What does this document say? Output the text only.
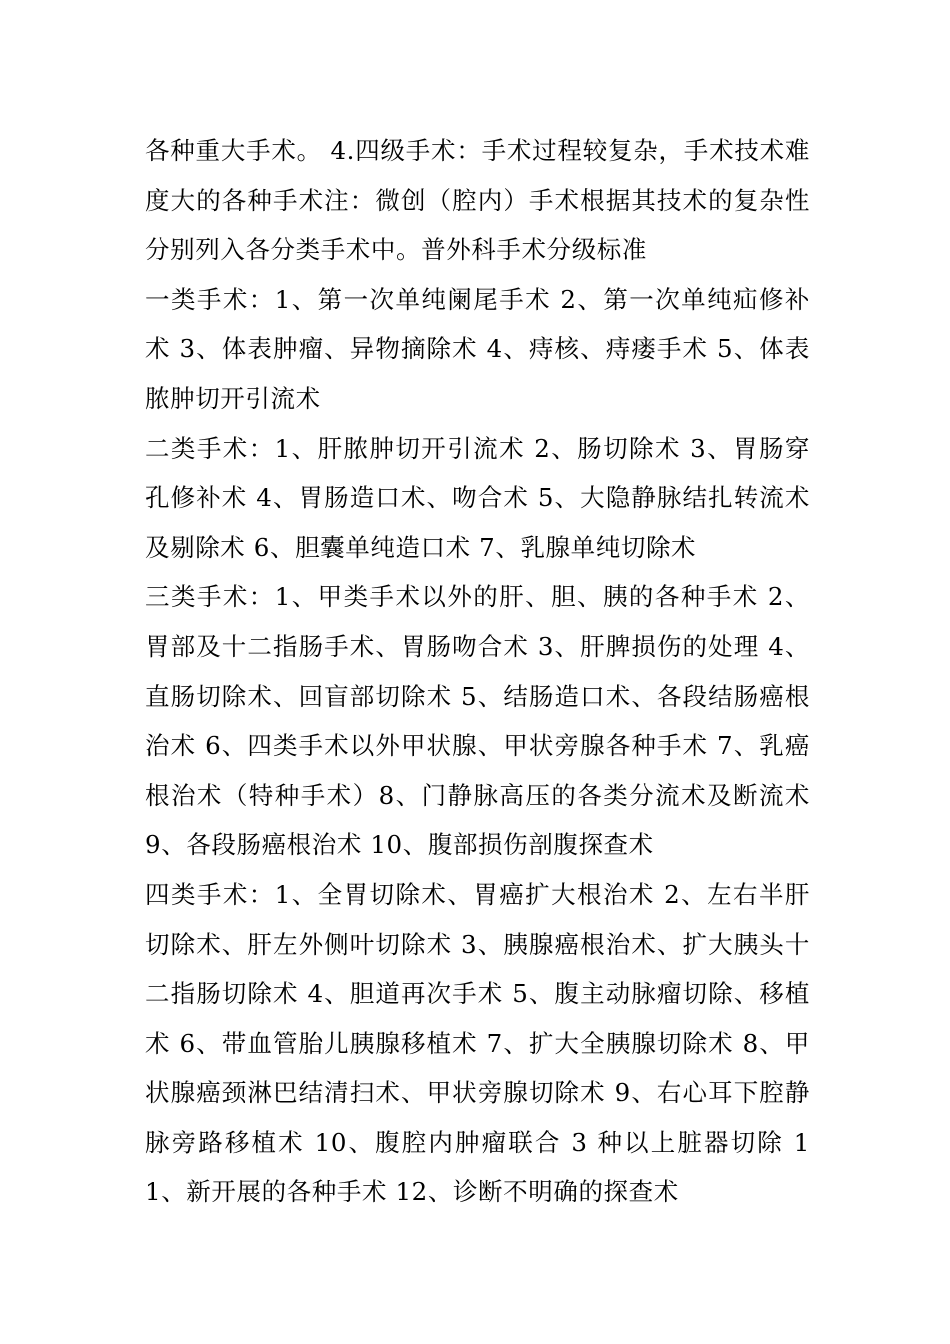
各种重大手术。 4.四级手术：手术过程较复杂，手术技术难度大的各种手术注：微创（腔内）手术根据其技术的复杂性分别列入各分类手术中。普外科手术分级标准

一类手术：1、第一次单纯阑尾手术 2、第一次单纯疝修补术 3、体表肿瘤、异物摘除术 4、痔核、痔瘘手术 5、体表脓肿切开引流术

二类手术：1、肝脓肿切开引流术 2、肠切除术 3、胃肠穿孔修补术 4、胃肠造口术、吻合术 5、大隐静脉结扎转流术及剔除术 6、胆囊单纯造口术 7、乳腺单纯切除术

三类手术：1、甲类手术以外的肝、胆、胰的各种手术 2、胃部及十二指肠手术、胃肠吻合术 3、肝脾损伤的处理 4、直肠切除术、回盲部切除术 5、结肠造口术、各段结肠癌根治术 6、四类手术以外甲状腺、甲状旁腺各种手术 7、乳癌根治术（特种手术）8、门静脉高压的各类分流术及断流术 9、各段肠癌根治术 10、腹部损伤剖腹探查术

四类手术：1、全胃切除术、胃癌扩大根治术 2、左右半肝切除术、肝左外侧叶切除术 3、胰腺癌根治术、扩大胰头十二指肠切除术 4、胆道再次手术 5、腹主动脉瘤切除、移植术 6、带血管胎儿胰腺移植术 7、扩大全胰腺切除术 8、甲状腺癌颈淋巴结清扫术、甲状旁腺切除术 9、右心耳下腔静脉旁路移植术 10、腹腔内肿瘤联合 3 种以上脏器切除 11、新开展的各种手术 12、诊断不明确的探查术
